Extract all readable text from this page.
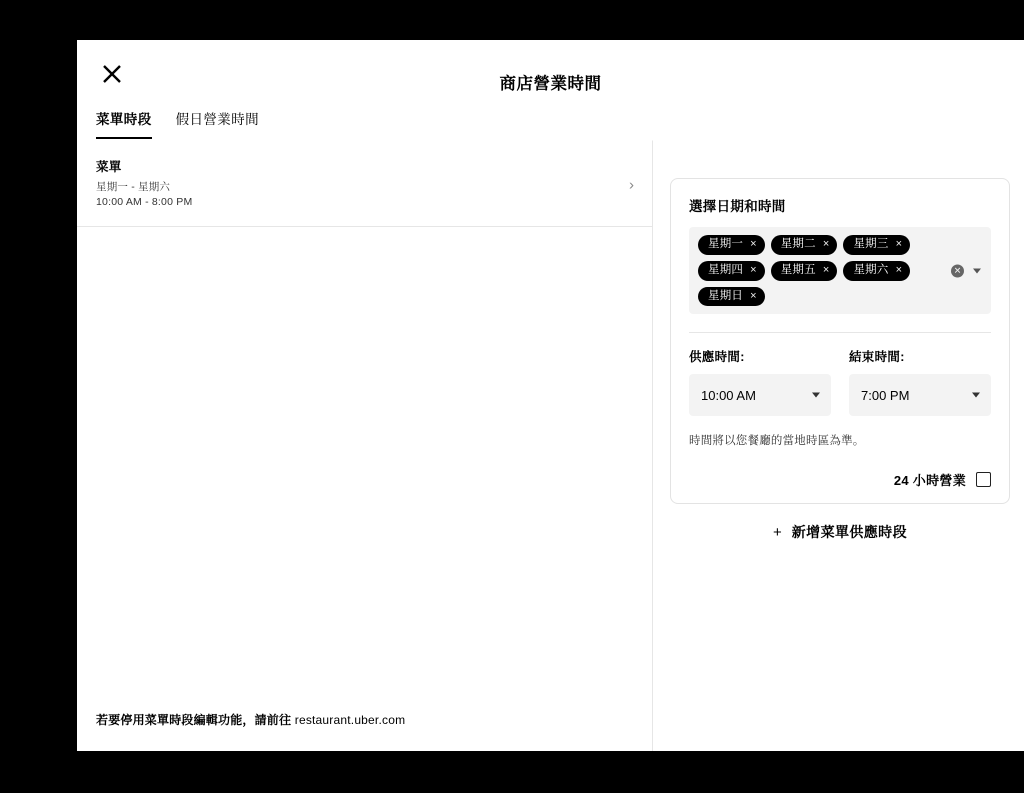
商店營業時間
菜單時段 假日營業時間
菜單
星期一 - 星期六
10:00 AM - 8:00 PM
›
若要停用菜單時段編輯功能，請前往 restaurant.uber.com
選擇日期和時間
星期一 × 星期二 × 星期三 ×
星期四 × 星期五 × 星期六 ×
星期日 ×
✕
供應時間:
10:00 AM
結束時間:
7:00 PM
時間將以您餐廳的當地時區為準。
24 小時營業
+ 新增菜單供應時段
